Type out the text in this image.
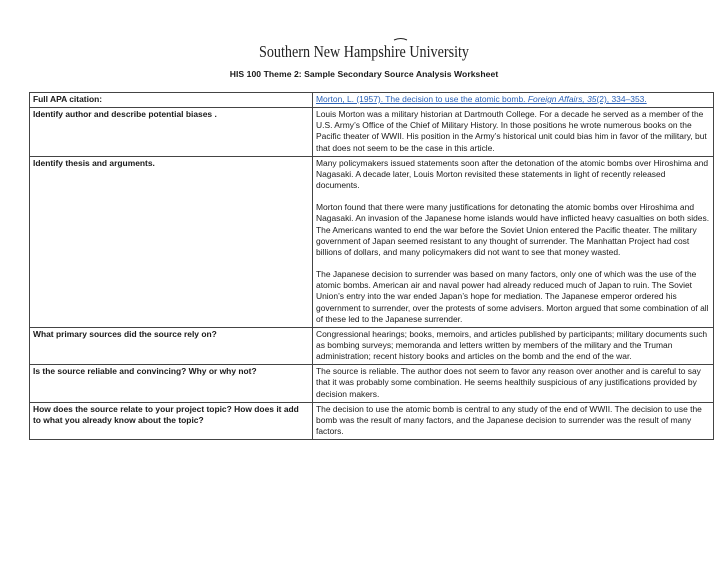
Southern New Hampshire University
HIS 100 Theme 2: Sample Secondary Source Analysis Worksheet
Full APA citation:	Morton, L. (1957). The decision to use the atomic bomb. Foreign Affairs, 35(2), 334–353.
Identify author and describe potential biases .	Louis Morton was a military historian at Dartmouth College. For a decade he served as a member of the U.S. Army’s Office of the Chief of Military History. In those positions he wrote numerous books on the Pacific theater of WWII. His position in the Army’s historical unit could bias him in favor of the military, but that does not seem to be the case in this article.

Identify thesis and arguments.	Many policymakers issued statements soon after the detonation of the atomic bombs over Hiroshima and Nagasaki. A decade later, Louis Morton revisited these statements in light of recently released documents.

Morton found that there were many justifications for detonating the atomic bombs over Hiroshima and Nagasaki. An invasion of the Japanese home islands would have inflicted heavy casualties on both sides. The Americans wanted to end the war before the Soviet Union entered the Pacific theater. The military government of Japan seemed resistant to any thought of surrender. The Manhattan Project had cost billions of dollars, and many policymakers did not want to see that money wasted.

The Japanese decision to surrender was based on many factors, only one of which was the use of the atomic bombs. American air and naval power had already reduced much of Japan to ruin. The Soviet Union’s entry into the war ended Japan’s hope for mediation. The Japanese emperor ordered his government to surrender, over the protests of some advisers. Morton argued that some combination of all of these led to the Japanese surrender.

What primary sources did the source rely on?	Congressional hearings; books, memoirs, and articles published by participants; military documents such as bombing surveys; memoranda and letters written by members of the military and the Truman administration; recent history books and articles on the bomb and the end of the war.

Is the source reliable and convincing? Why or why not?	The source is reliable. The author does not seem to favor any reason over another and is careful to say that it was probably some combination. He seems healthily suspicious of any justifications provided by decision makers.

How does the source relate to your project topic? How does it add to what you already know about the topic?	The decision to use the atomic bomb is central to any study of the end of WWII. The decision to use the bomb was the result of many factors, and the Japanese decision to surrender was the result of many factors.
